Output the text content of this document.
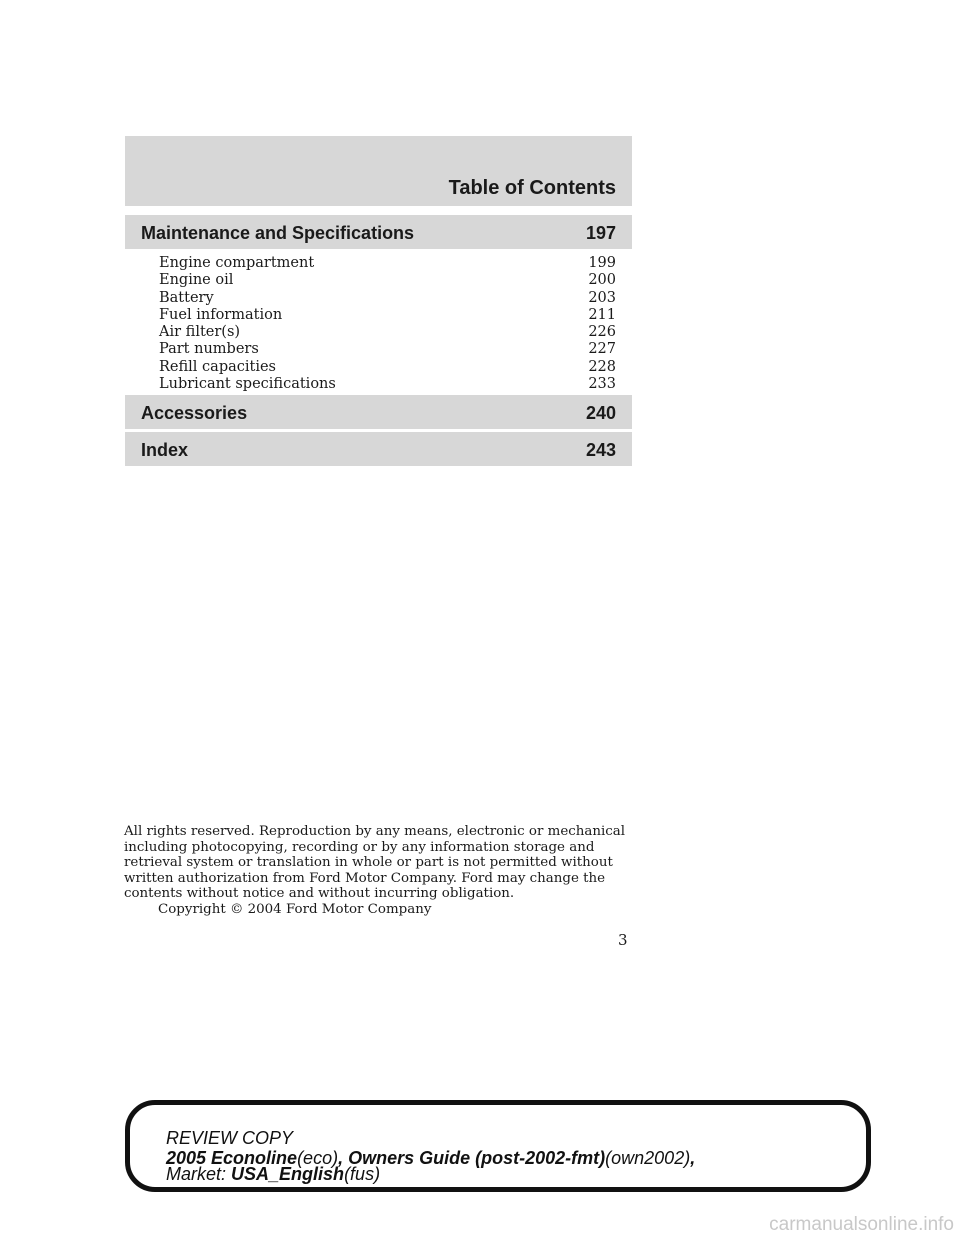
Table of Contents
Maintenance and Specifications	197
Engine compartment	199
Engine oil	200
Battery	203
Fuel information	211
Air filter(s)	226
Part numbers	227
Refill capacities	228
Lubricant specifications	233
Accessories	240
Index	243
All rights reserved. Reproduction by any means, electronic or mechanical including photocopying, recording or by any information storage and retrieval system or translation in whole or part is not permitted without written authorization from Ford Motor Company. Ford may change the contents without notice and without incurring obligation.
Copyright © 2004 Ford Motor Company
3
REVIEW COPY
2005 Econoline(eco), Owners Guide (post-2002-fmt)(own2002),
Market: USA_English(fus)
carmanualsonline.info
